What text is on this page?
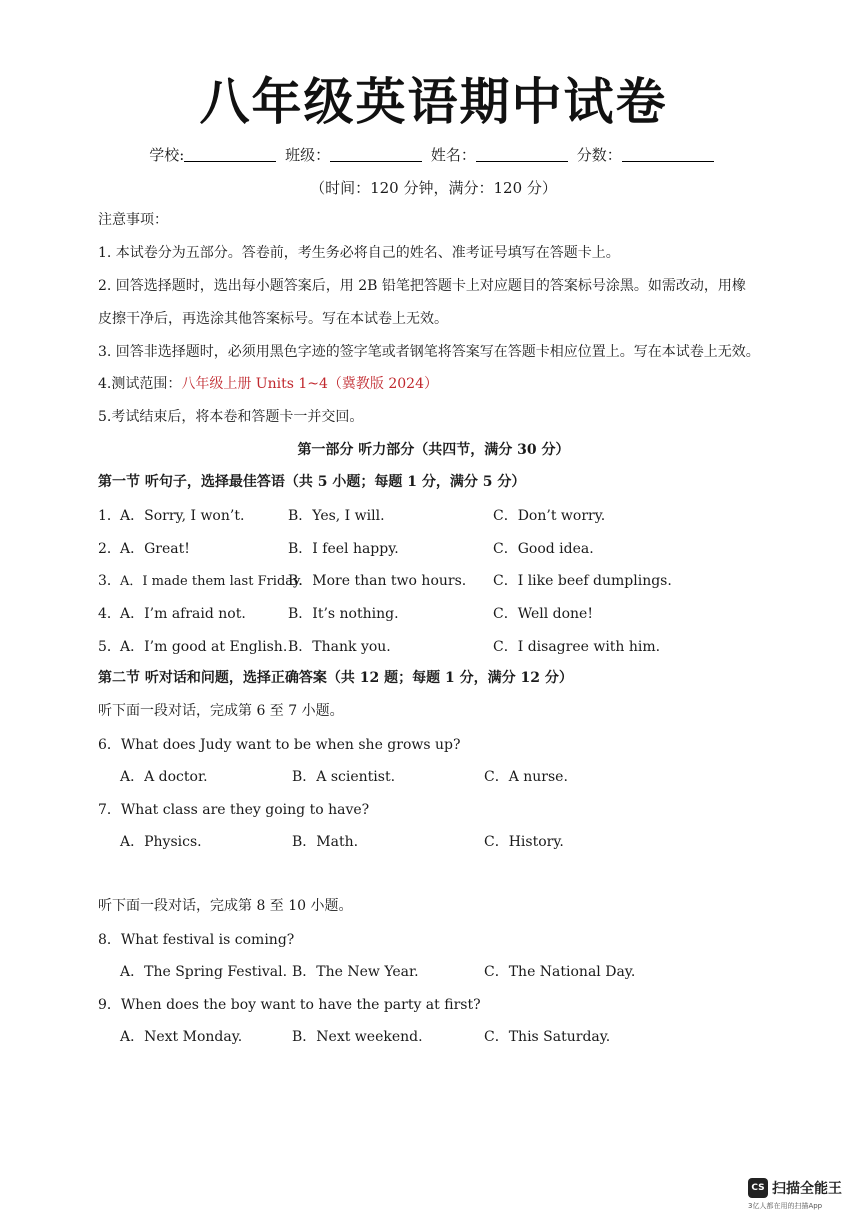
八年级英语期中试卷
学校:	班级：	姓名：	分数：
（时间：120 分钟，满分：120 分）
注意事项：
1. 本试卷分为五部分。答卷前，考生务必将自己的姓名、准考证号填写在答题卡上。
2. 回答选择题时，选出每小题答案后，用 2B 铅笔把答题卡上对应题目的答案标号涂黑。如需改动，用橡
皮擦干净后，再选涂其他答案标号。写在本试卷上无效。
3. 回答非选择题时，必须用黑色字迹的签字笔或者钢笔将答案写在答题卡相应位置上。写在本试卷上无效。
4.测试范围：八年级上册 Units 1~4（冀教版 2024）
5.考试结束后，将本卷和答题卡一并交回。
第一部分 听力部分（共四节，满分 30 分）
第一节 听句子，选择最佳答语（共 5 小题；每题 1 分，满分 5 分）
1． A．Sorry, I won’t.	B．Yes, I will.	C．Don’t worry.
2． A．Great!	B．I feel happy.	C．Good idea.
3． A．I made them last Friday.
B．More than two hours. C．I like beef dumplings.
4． A．I’m afraid not.	B．It’s nothing.	C．Well done!
5． A．I’m good at English. B．Thank you.	C．I disagree with him.
第二节 听对话和问题，选择正确答案（共 12 题；每题 1 分，满分 12 分）
听下面一段对话，完成第 6 至 7 小题。
6．What does Judy want to be when she grows up?
A．A doctor.	B．A scientist.	C．A nurse.
7．What class are they going to have?
A．Physics.	B．Math.	C．History.
听下面一段对话，完成第 8 至 10 小题。
8．What festival is coming?
A．The Spring Festival. B．The New Year.	C．The National Day.
9．When does the boy want to have the party at first?
A．Next Monday.	B．Next weekend.	C．This Saturday.
CS 扫描全能王
3亿人都在用的扫描App
